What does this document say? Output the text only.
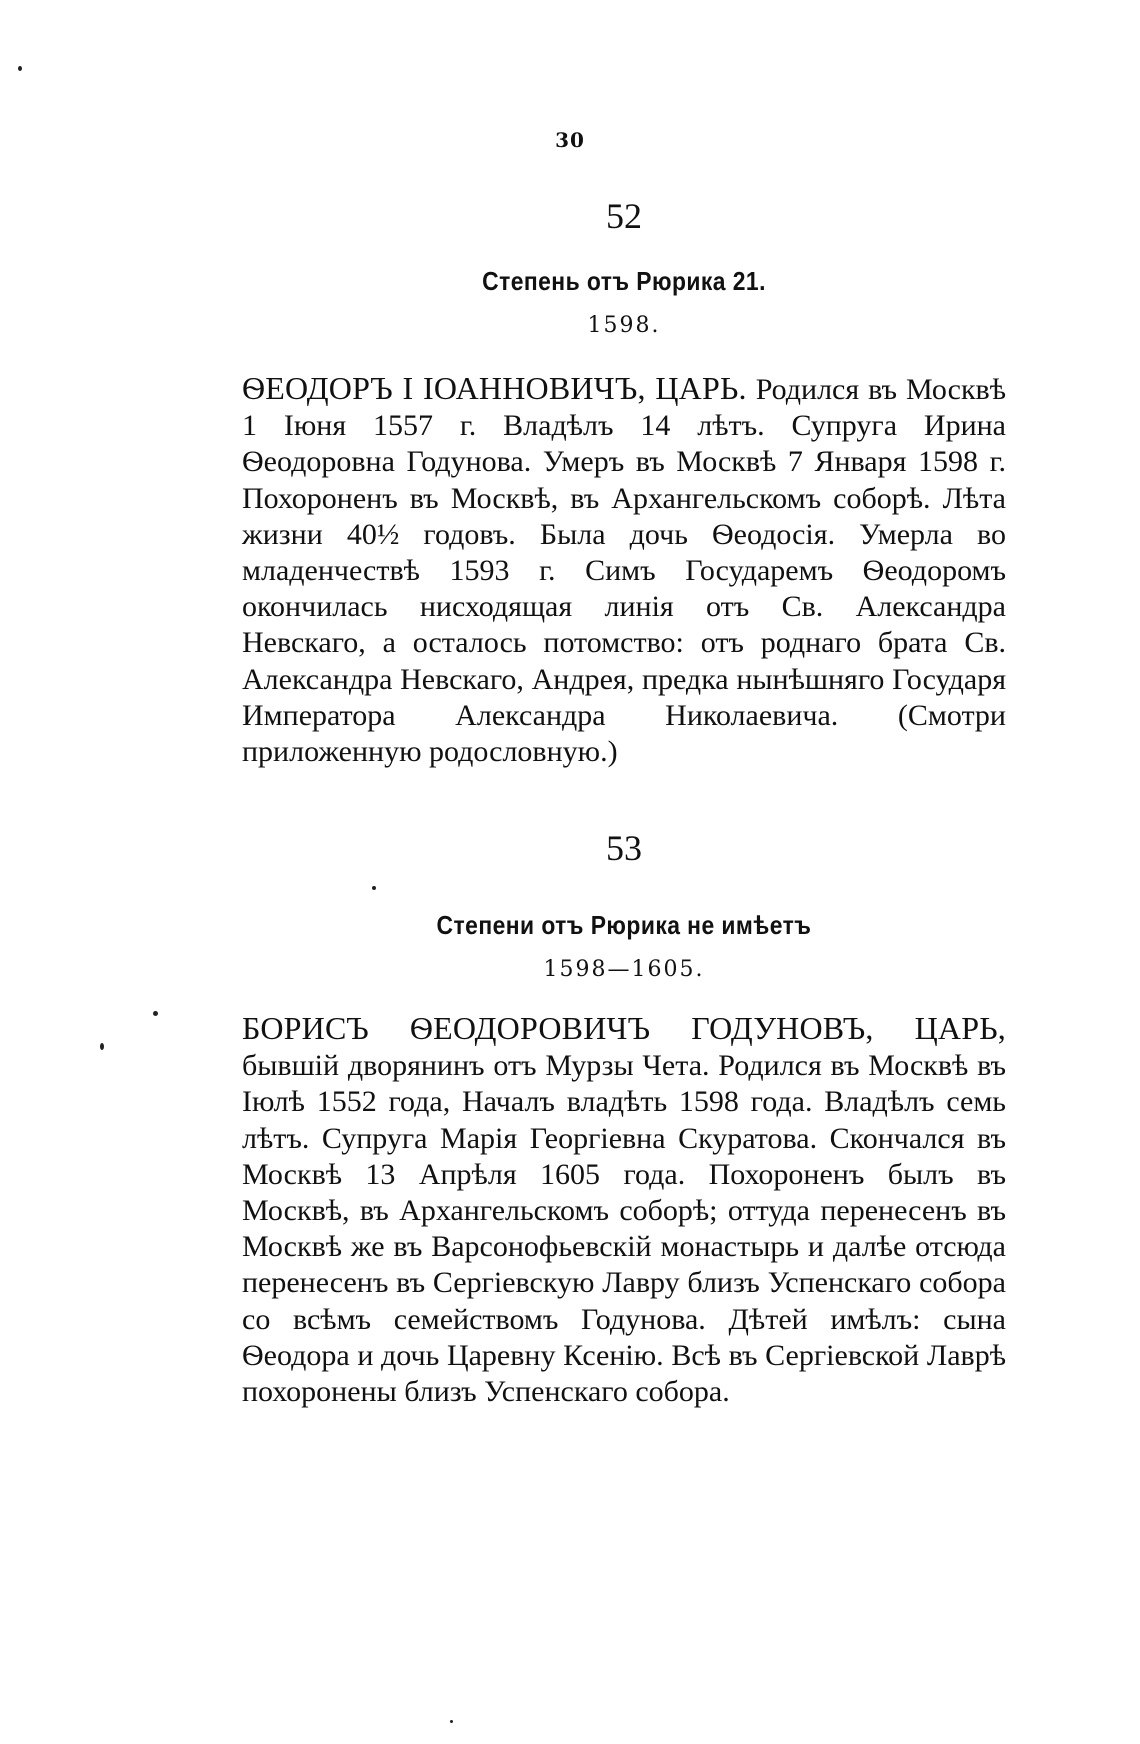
30
52
Степень отъ Рюрика 21.
1598.

ѲЕОДОРЪ I IОАННОВИЧЪ, ЦАРЬ. Родился въ Москвѣ 1 Iюня 1557 г. Владѣлъ 14 лѣтъ. Супруга Ирина Ѳеодоровна Годунова. Умеръ въ Москвѣ 7 Января 1598 г. Похороненъ въ Москвѣ, въ Архангельскомъ соборѣ. Лѣта жизни 40½ годовъ. Была дочь Ѳеодосія. Умерла во младенчествѣ 1593 г. Симъ Государемъ Ѳеодоромъ окончилась нисходящая линія отъ Св. Александра Невскаго, а осталось потомство: отъ роднаго брата Св. Александра Невскаго, Андрея, предка нынѣшняго Государя Императора Александра Николаевича. (Смотри приложенную родословную.)

53
Степени отъ Рюрика не имѣетъ
1598—1605.

БОРИСЪ ѲЕОДОРОВИЧЪ ГОДУНОВЪ, ЦАРЬ, бывшій дворянинъ отъ Мурзы Чета. Родился въ Москвѣ въ Iюлѣ 1552 года, Началъ владѣть 1598 года. Владѣлъ семь лѣтъ. Супруга Марія Георгіевна Скуратова. Скончался въ Москвѣ 13 Апрѣля 1605 года. Похороненъ былъ въ Москвѣ, въ Архангельскомъ соборѣ; оттуда перенесенъ въ Москвѣ же въ Варсонофьевскій монастырь и далѣе отсюда перенесенъ въ Сергіевскую Лавру близъ Успенскаго собора со всѣмъ семействомъ Годунова. Дѣтей имѣлъ: сына Ѳеодора и дочь Царевну Ксенію. Всѣ въ Сергіевской Лаврѣ похоронены близъ Успенскаго собора.
